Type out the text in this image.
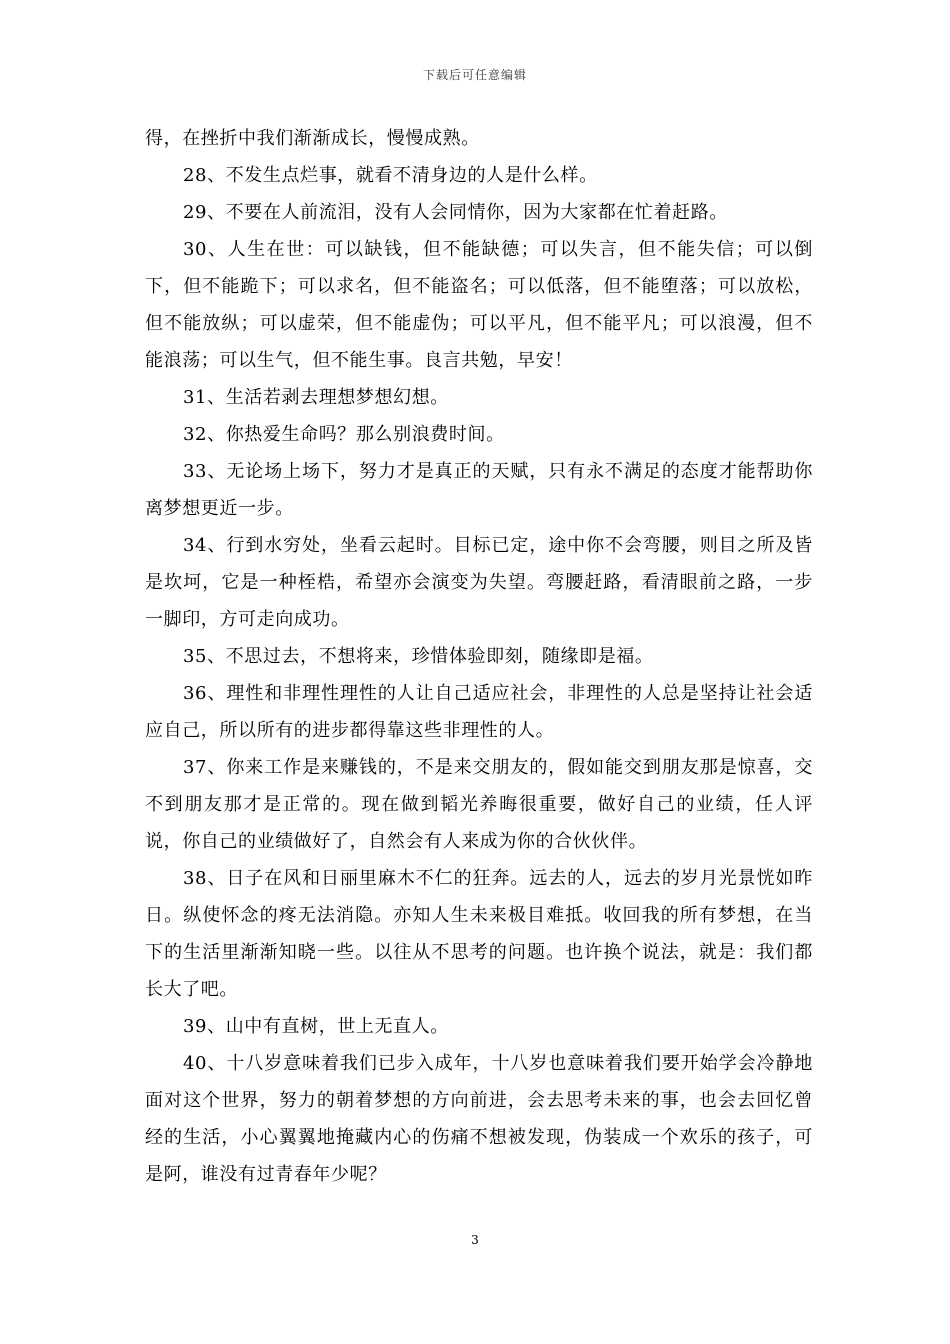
下载后可任意编辑

得，在挫折中我们渐渐成长，慢慢成熟。

28、不发生点烂事，就看不清身边的人是什么样。

29、不要在人前流泪，没有人会同情你，因为大家都在忙着赶路。

30、人生在世：可以缺钱，但不能缺德；可以失言，但不能失信；可以倒下，但不能跪下；可以求名，但不能盗名；可以低落，但不能堕落；可以放松，但不能放纵；可以虚荣，但不能虚伪；可以平凡，但不能平凡；可以浪漫，但不能浪荡；可以生气，但不能生事。良言共勉，早安！

31、生活若剥去理想梦想幻想。

32、你热爱生命吗？那么别浪费时间。

33、无论场上场下，努力才是真正的天赋，只有永不满足的态度才能帮助你离梦想更近一步。

34、行到水穷处，坐看云起时。目标已定，途中你不会弯腰，则目之所及皆是坎坷，它是一种桎梏，希望亦会演变为失望。弯腰赶路，看清眼前之路，一步一脚印，方可走向成功。

35、不思过去，不想将来，珍惜体验即刻，随缘即是福。

36、理性和非理性理性的人让自己适应社会，非理性的人总是坚持让社会适应自己，所以所有的进步都得靠这些非理性的人。

37、你来工作是来赚钱的，不是来交朋友的，假如能交到朋友那是惊喜，交不到朋友那才是正常的。现在做到韬光养晦很重要，做好自己的业绩，任人评说，你自己的业绩做好了，自然会有人来成为你的合伙伙伴。

38、日子在风和日丽里麻木不仁的狂奔。远去的人，远去的岁月光景恍如昨日。纵使怀念的疼无法消隐。亦知人生未来极目难抵。收回我的所有梦想，在当下的生活里渐渐知晓一些。以往从不思考的问题。也许换个说法，就是：我们都长大了吧。

39、山中有直树，世上无直人。

40、十八岁意味着我们已步入成年，十八岁也意味着我们要开始学会冷静地面对这个世界，努力的朝着梦想的方向前进，会去思考未来的事，也会去回忆曾经的生活，小心翼翼地掩藏内心的伤痛不想被发现，伪装成一个欢乐的孩子，可是阿，谁没有过青春年少呢？

3
